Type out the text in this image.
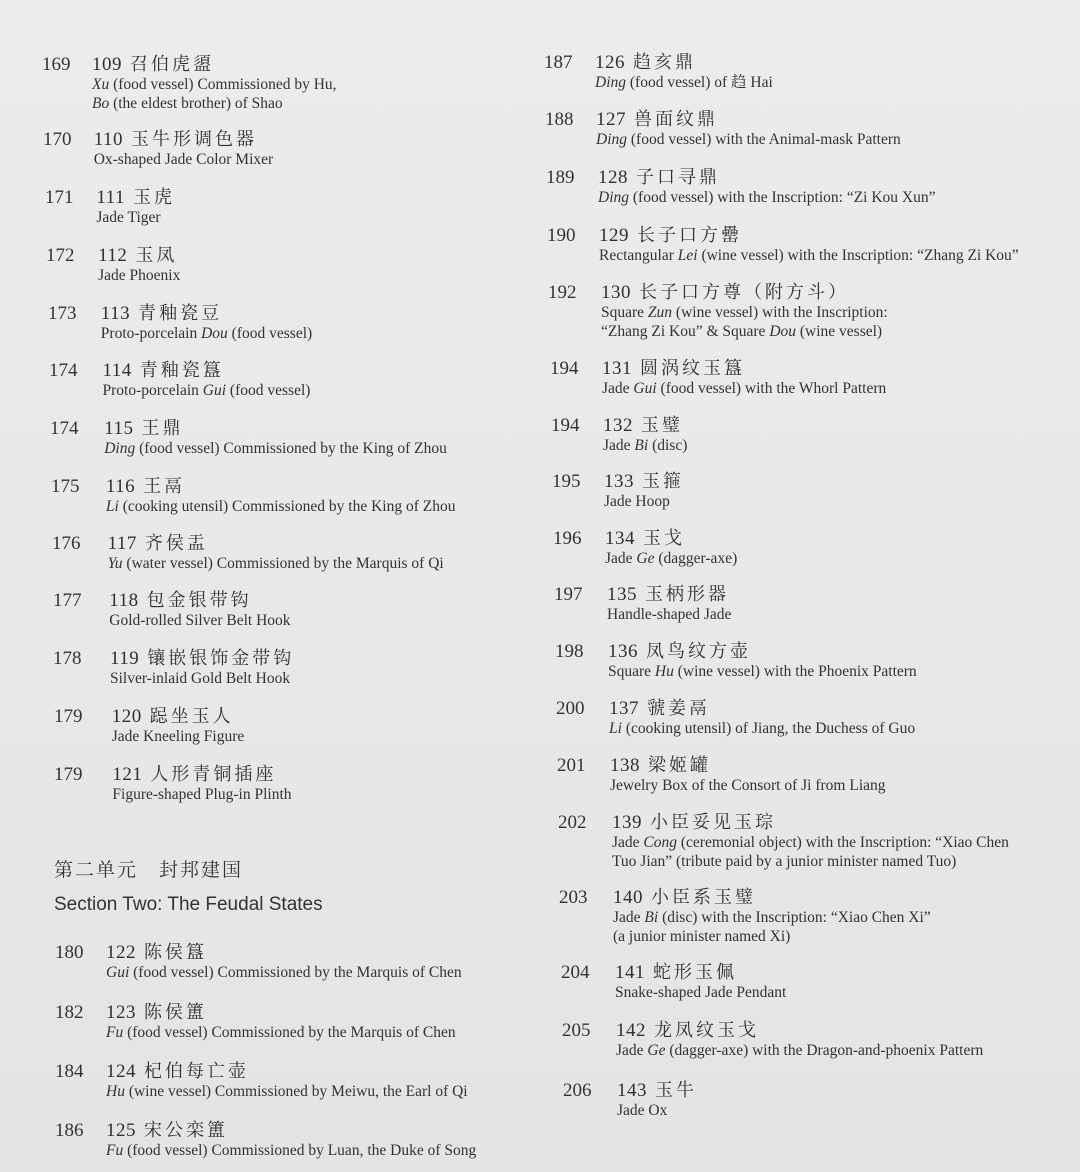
169	109 召伯虎盨
Xu (food vessel) Commissioned by Hu,
Bo (the eldest brother) of Shao
170	110 玉牛形调色器
Ox-shaped Jade Color Mixer
171	111 玉虎
Jade Tiger
172	112 玉凤
Jade Phoenix
173	113 青釉瓷豆
Proto-porcelain Dou (food vessel)
174	114 青釉瓷簋
Proto-porcelain Gui (food vessel)
174	115 王鼎
Ding (food vessel) Commissioned by the King of Zhou
175	116 王鬲
Li (cooking utensil) Commissioned by the King of Zhou
176	117 齐侯盂
Yu (water vessel) Commissioned by the Marquis of Qi
177	118 包金银带钩
Gold-rolled Silver Belt Hook
178	119 镶嵌银饰金带钩
Silver-inlaid Gold Belt Hook
179	120 跽坐玉人
Jade Kneeling Figure
179	121 人形青铜插座
Figure-shaped Plug-in Plinth
180	122 陈侯簋
Gui (food vessel) Commissioned by the Marquis of Chen
182	123 陈侯簠
Fu (food vessel) Commissioned by the Marquis of Chen
184	124 杞伯每亡壶
Hu (wine vessel) Commissioned by Meiwu, the Earl of Qi
186	125 宋公栾簠
Fu (food vessel) Commissioned by Luan, the Duke of Song
第二单元　封邦建国
Section Two: The Feudal States
187	126 趋亥鼎
Ding (food vessel) of 趋 Hai
188	127 兽面纹鼎
Ding (food vessel) with the Animal-mask Pattern
189	128 子口寻鼎
Ding (food vessel) with the Inscription: “Zi Kou Xun”
190	129 长子口方罍
Rectangular Lei (wine vessel) with the Inscription: “Zhang Zi Kou”
192	130 长子口方尊（附方斗）
Square Zun (wine vessel) with the Inscription:
“Zhang Zi Kou” & Square Dou (wine vessel)
194	131 圆涡纹玉簋
Jade Gui (food vessel) with the Whorl Pattern
194	132 玉璧
Jade Bi (disc)
195	133 玉箍
Jade Hoop
196	134 玉戈
Jade Ge (dagger-axe)
197	135 玉柄形器
Handle-shaped Jade
198	136 凤鸟纹方壶
Square Hu (wine vessel) with the Phoenix Pattern
200	137 虢姜鬲
Li (cooking utensil) of Jiang, the Duchess of Guo
201	138 梁姬罐
Jewelry Box of the Consort of Ji from Liang
202	139 小臣妥见玉琮
Jade Cong (ceremonial object) with the Inscription: “Xiao Chen
Tuo Jian” (tribute paid by a junior minister named Tuo)
203	140 小臣系玉璧
Jade Bi (disc) with the Inscription: “Xiao Chen Xi”
(a junior minister named Xi)
204	141 蛇形玉佩
Snake-shaped Jade Pendant
205	142 龙凤纹玉戈
Jade Ge (dagger-axe) with the Dragon-and-phoenix Pattern
206	143 玉牛
Jade Ox
